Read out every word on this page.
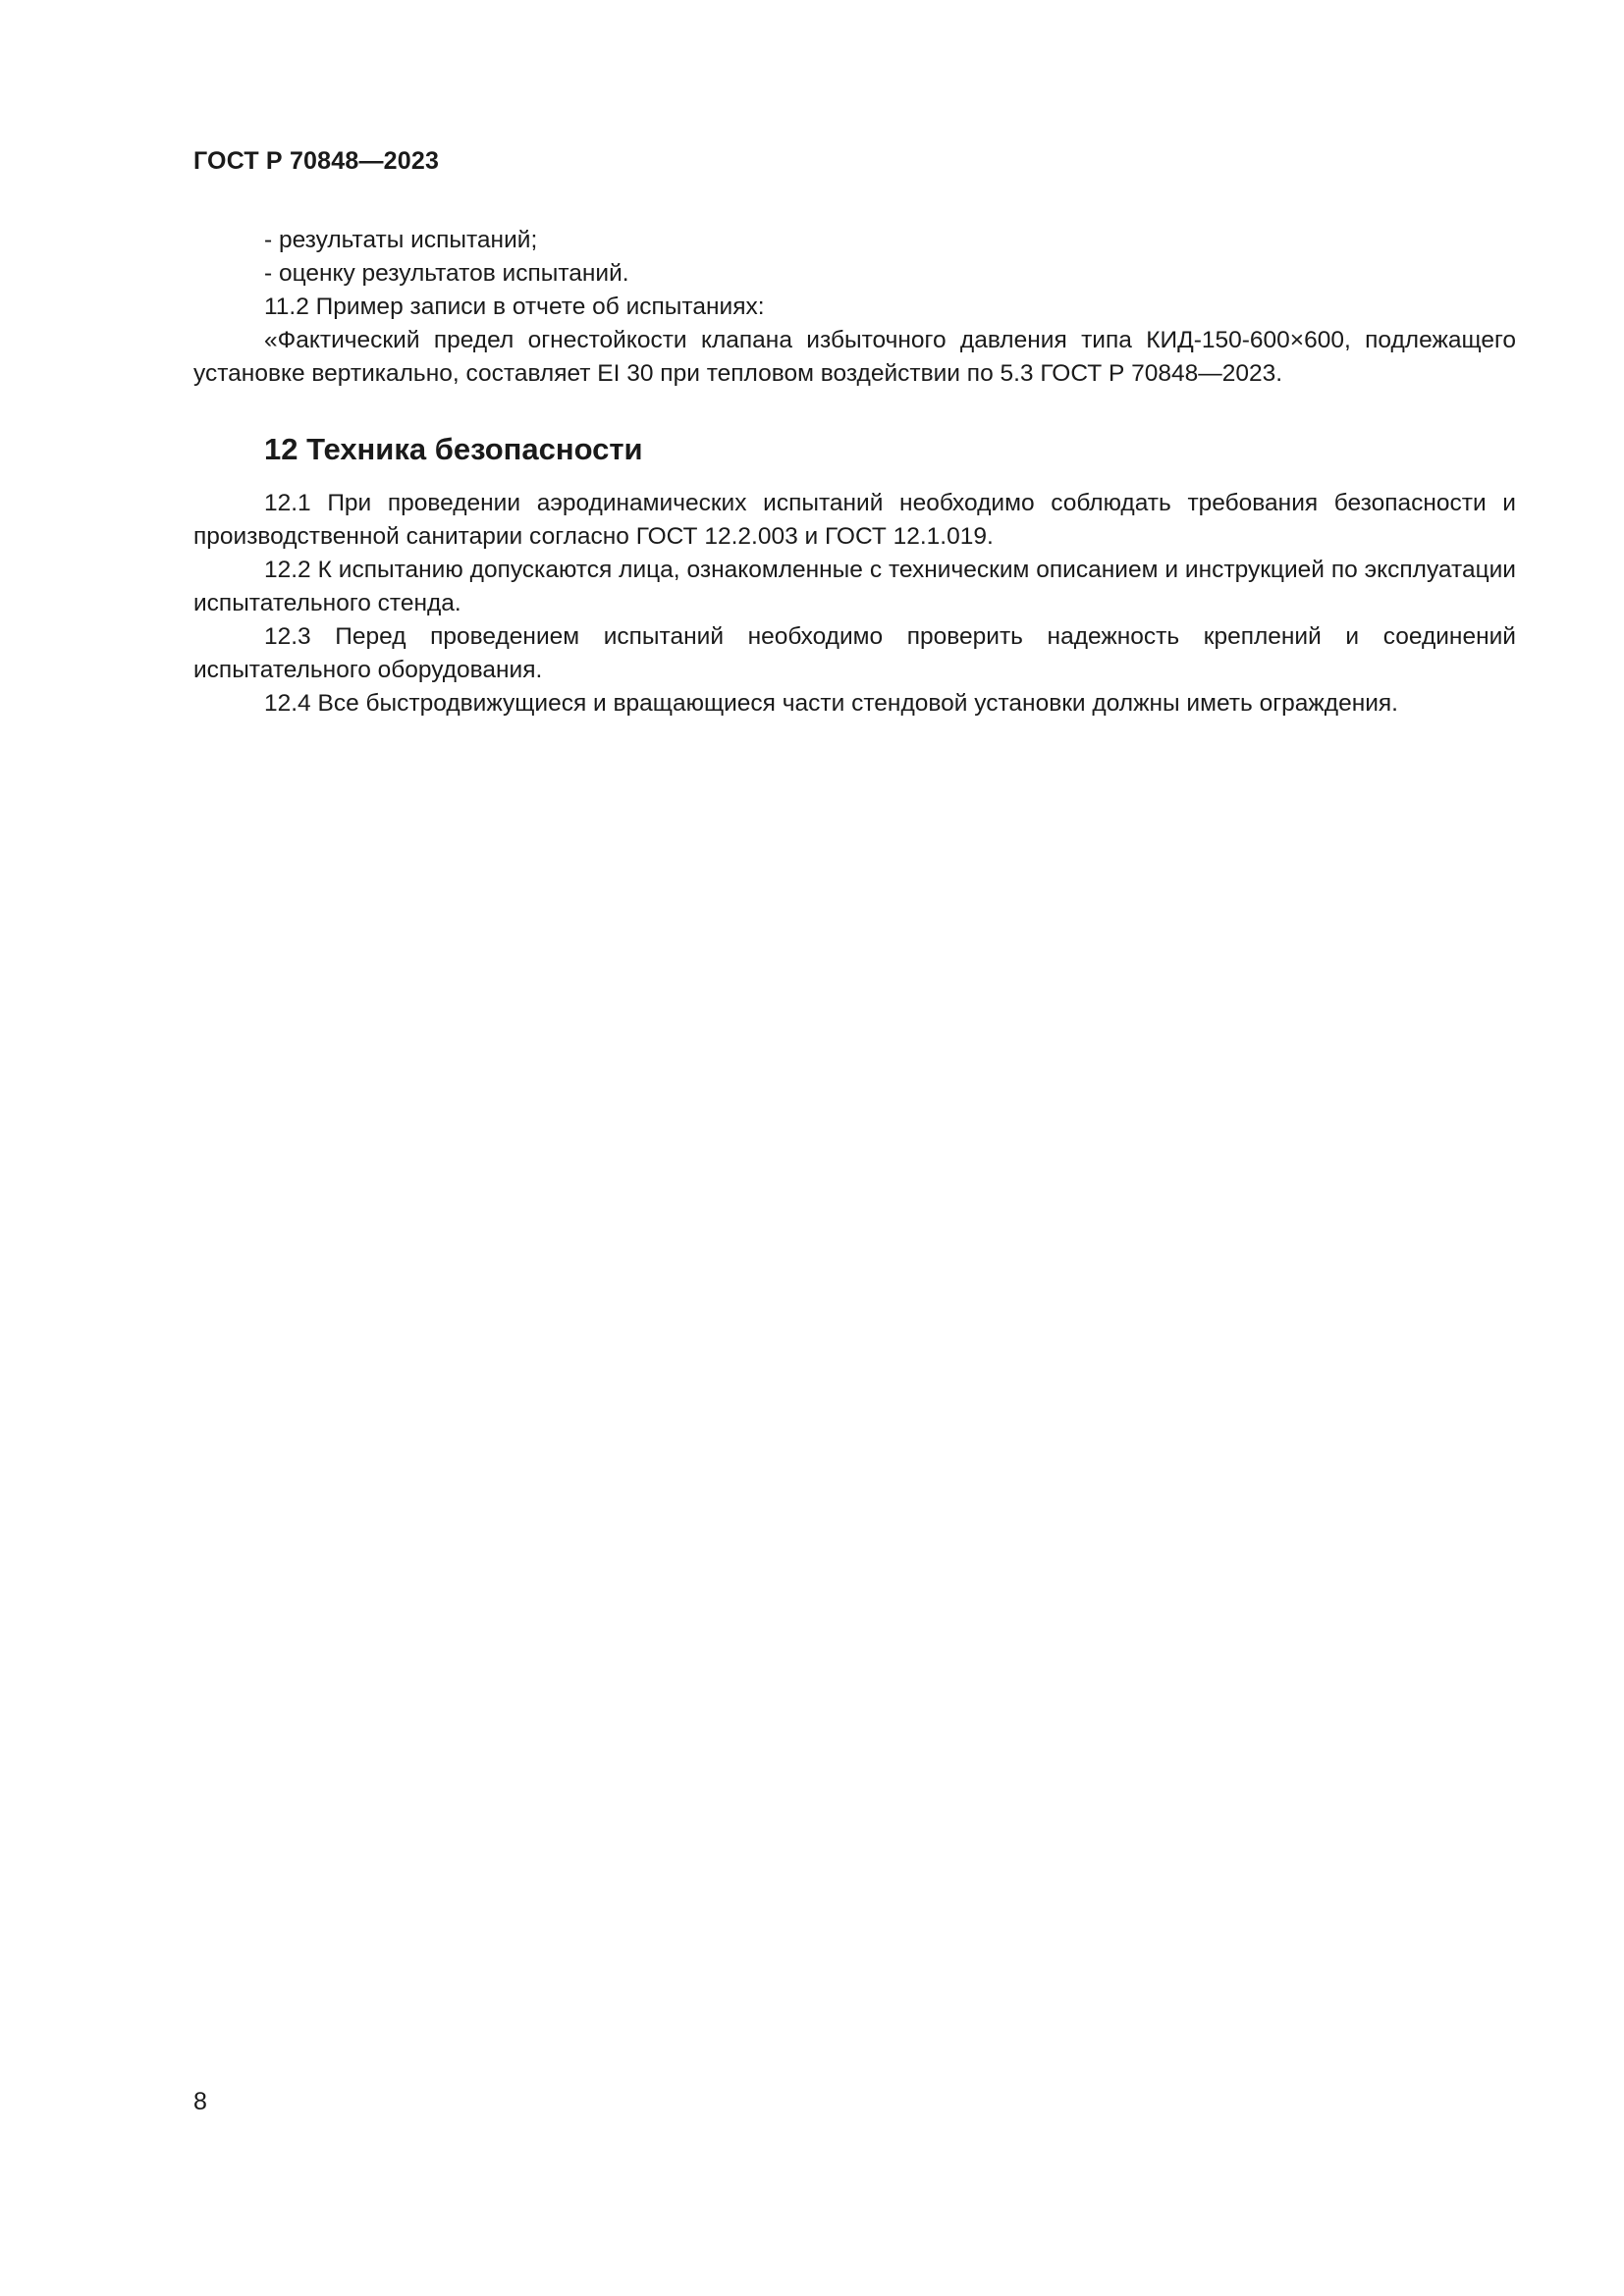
ГОСТ Р 70848—2023

- результаты испытаний;

- оценку результатов испытаний.

11.2 Пример записи в отчете об испытаниях:

«Фактический предел огнестойкости клапана избыточного давления типа КИД-150-600×600, подлежащего установке вертикально, составляет EI 30 при тепловом воздействии по 5.3 ГОСТ Р 70848—2023.

12 Техника безопасности

12.1 При проведении аэродинамических испытаний необходимо соблюдать требования безопасности и производственной санитарии согласно ГОСТ 12.2.003 и ГОСТ 12.1.019.

12.2 К испытанию допускаются лица, ознакомленные с техническим описанием и инструкцией по эксплуатации испытательного стенда.

12.3 Перед проведением испытаний необходимо проверить надежность креплений и соединений испытательного оборудования.

12.4 Все быстродвижущиеся и вращающиеся части стендовой установки должны иметь ограждения.

8
